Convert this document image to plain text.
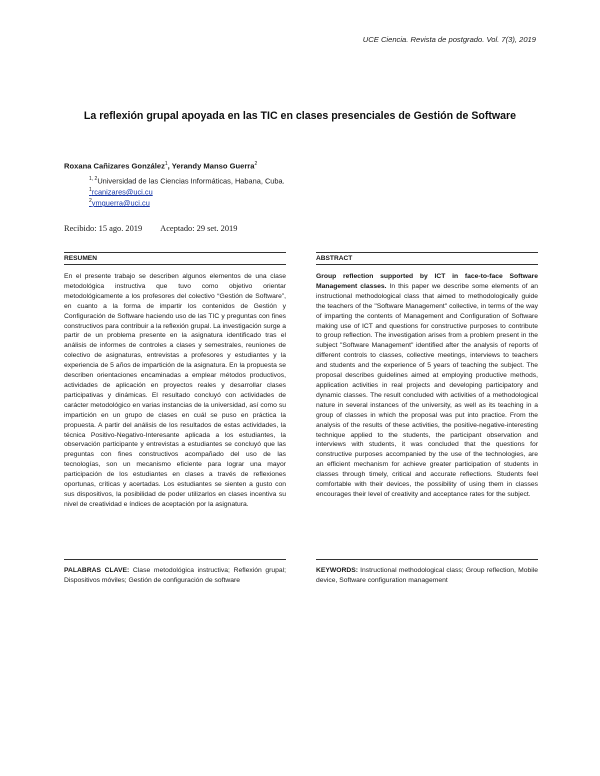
UCE Ciencia. Revista de postgrado. Vol. 7(3), 2019
La reflexión grupal apoyada en las TIC en clases presenciales de Gestión de Software
Roxana Cañizares González$^1$, Yerandy Manso Guerra$^2$
$^{1, 2}$Universidad de las Ciencias Informáticas, Habana, Cuba.
$^1$rcanizares@uci.cu
$^2$ymguerra@uci.cu
Recibido: 15 ago. 2019 Aceptado: 29 set. 2019
RESUMEN
En el presente trabajo se describen algunos elementos de una clase metodológica instructiva que tuvo como objetivo orientar metodológicamente a los profesores del colectivo “Gestión de Software”, en cuanto a la forma de impartir los contenidos de Gestión y Configuración de Software haciendo uso de las TIC y preguntas con fines constructivos para contribuir a la reflexión grupal. La investigación surge a partir de un problema presente en la asignatura identificado tras el análisis de informes de controles a clases y semestrales, reuniones de colectivo de asignaturas, entrevistas a profesores y estudiantes y la experiencia de 5 años de impartición de la asignatura. En la propuesta se describen orientaciones encaminadas a emplear métodos productivos, actividades de aplicación en proyectos reales y desarrollar clases participativas y dinámicas. El resultado concluyó con actividades de carácter metodológico en varias instancias de la universidad, así como su impartición en un grupo de clases en cuál se puso en práctica la propuesta. A partir del análisis de los resultados de estas actividades, la técnica Positivo-Negativo-Interesante aplicada a los estudiantes, la observación participante y entrevistas a estudiantes se concluyó que las preguntas con fines constructivos acompañado del uso de las tecnologías, son un mecanismo eficiente para lograr una mayor participación de los estudiantes en clases a través de reflexiones oportunas, críticas y acertadas. Los estudiantes se sienten a gusto con sus dispositivos, la posibilidad de poder utilizarlos en clases incentiva su nivel de creatividad e índices de aceptación por la asignatura.
ABSTRACT
Group reflection supported by ICT in face-to-face Software Management classes. In this paper we describe some elements of an instructional methodological class that aimed to methodologically guide the teachers of the "Software Management" collective, in terms of the way of imparting the contents of Management and Configuration of Software making use of ICT and questions for constructive purposes to contribute to group reflection. The investigation arises from a problem present in the subject "Software Management" identified after the analysis of reports of different controls to classes, collective meetings, interviews to teachers and students and the experience of 5 years of teaching the subject. The proposal describes guidelines aimed at employing productive methods, application activities in real projects and developing participatory and dynamic classes. The result concluded with activities of a methodological nature in several instances of the university, as well as its teaching in a group of classes in which the proposal was put into practice. From the analysis of the results of these activities, the positive-negative-interesting technique applied to the students, the participant observation and interviews with students, it was concluded that the questions for constructive purposes accompanied by the use of the technologies, are an efficient mechanism for achieve greater participation of students in classes through timely, critical and accurate reflections. Students feel comfortable with their devices, the possibility of using them in classes encourages their level of creativity and acceptance rates for the subject.
PALABRAS CLAVE: Clase metodológica instructiva; Reflexión grupal; Dispositivos móviles; Gestión de configuración de software
KEYWORDS: Instructional methodological class; Group reflection, Mobile device, Software configuration management
